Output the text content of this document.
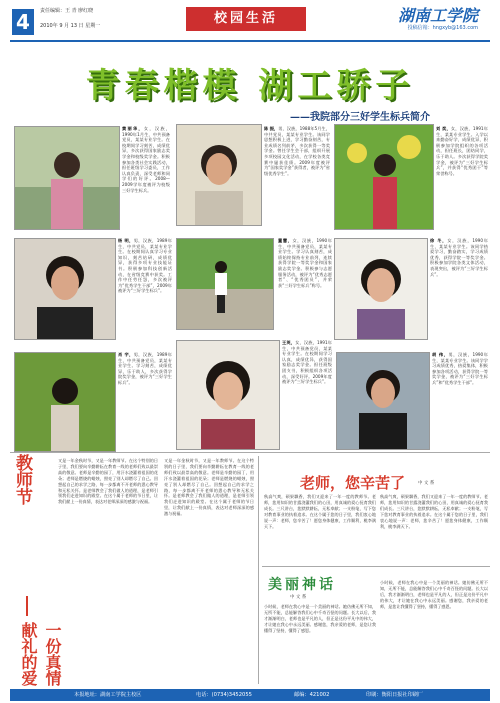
4	责任编辑：王 青 廖红晓
2010年 9 月 13 日 星期一	校园生活	湖南工学院
投稿信箱：hngxyb@163.com
青春楷模 湖工骄子
——我院部分三好学生标兵简介
黄丽华，女，汉族，1990年1月生，中共预备党员，某某专业学生。在校期间学习刻苦，成绩优异，多次获得国家励志奖学金和校级奖学金。积极参加各类社会实践活动，担任班级学习委员，工作认真负责，深受老师和同学们的好评。2008—2009学年度被评为校级三好学生标兵。
陈 振，男，汉族，1988年5月生，中共党员，某某专业学生。该同学思想积极上进，学习勤奋刻苦，专业成绩名列前茅，多次获得一等奖学金。曾任学生会干部，组织开展多项校园文化活动，在学校各类竞赛中屡获佳绩。2009年度被评为“国家奖学金”获得者，被评为“省级优秀学生”。
刘 奕，女，汉族，1991年生，某某专业学生。入学以来勤奋好学，成绩优异，积极参加学院组织的各项活动，担任班长，团结同学，乐于助人。多次获得学院奖学金，被评为“三好学生标兵”，并获得“优秀团干”等荣誉称号。
杨 明，男，汉族，1989年生，中共党员，某某专业学生。在校期间认真学习专业知识，刻苦钻研，成绩优异，获得多项专业技能证书。积极参加科技创新活动，在省级竞赛中获奖。工作中任劳任怨，多次被评为“优秀学生干部”，2009年被评为“三好学生标兵”。
董慧，女，汉族，1990年生，中共预备党员，某某专业学生。学习认真刻苦，成绩始终保持专业前列，连续获得学院一等奖学金和国家励志奖学金。积极参与志愿服务活动，被评为“优秀志愿者”、“优秀团员”，并荣获“三好学生标兵”称号。
徐 冬，女，汉族，1990年生，某某专业学生。该同学热爱学习，勤奋踏实，学习成绩优秀，获得学院一等奖学金。积极参加学院各类文体活动，表现突出，被评为“三好学生标兵”。
肖 宇，男，汉族，1989年生，中共预备党员，某某专业学生。学习刻苦，成绩优异，乐于助人，多次获得学院奖学金，被评为“三好学生标兵”。
王英，女，汉族，1991年生，中共预备党员，某某专业学生。在校期间学习认真，成绩优异，获得国家励志奖学金。担任班级团支书，积极组织各项活动，深受好评。2009年度被评为“三好学生标兵”。
胡 伟，男，汉族，1990年生，某某专业学生。该同学学习成绩优秀，热爱集体，积极参加各项活动，获得学院一等奖学金，被评为“三好学生标兵”和“优秀学生干部”。
教师节
一份真情献礼的爱
又是一年金秋时节，又是一年教师节。在这个特别的日子里，我们要向辛勤耕耘在教育一线的老师们致以最崇高的敬意。老师是辛勤的园丁，用汗水浇灌着祖国的花朵；老师是燃烧的蜡烛，照亮了别人却燃尽了自己。回想起自己的求学之路，每一步都离不开老师的悉心教导和无私关怀。是老师教会了我们做人的道理，是老师引领我们走进知识的殿堂。在这个属于老师的节日里，让我们献上一份真情，表达对老师深深的感激与祝福。
又是一年金秋时节，又是一年教师节。在这个特别的日子里，我们要向辛勤耕耘在教育一线的老师们致以最崇高的敬意。老师是辛勤的园丁，用汗水浇灌着祖国的花朵；老师是燃烧的蜡烛，照亮了别人却燃尽了自己。回想起自己的求学之路，每一步都离不开老师的悉心教导和无私关怀。是老师教会了我们做人的道理，是老师引领我们走进知识的殿堂。在这个属于老师的节日里，让我们献上一份真情，表达对老师深深的感激与祝福。
老师，您辛苦了	中 文 系
秋高气爽，硕果飘香，我们又迎来了一年一度的教师节。老师，您用知识的甘露浇灌我们的心田，用真诚的爱心抚育我们成长。三尺讲台，您默默耕耘，无私奉献；一支粉笔，写下您对教育事业的执着追求。在这个属于您的日子里，我们衷心地说一声：老师，您辛苦了！愿您身体健康，工作顺利，桃李满天下。
秋高气爽，硕果飘香，我们又迎来了一年一度的教师节。老师，您用知识的甘露浇灌我们的心田，用真诚的爱心抚育我们成长。三尺讲台，您默默耕耘，无私奉献；一支粉笔，写下您对教育事业的执着追求。在这个属于您的日子里，我们衷心地说一声：老师，您辛苦了！愿您身体健康，工作顺利，桃李满天下。
美丽神话
中 文 系
小时候，老师在我心中是一个美丽的神话。她仿佛无所不知，无所不能，总能解答我们心中千奇百怪的问题。长大以后，我才渐渐明白，老师也是平凡的人，但正是这份平凡中的伟大，才让她在我心中永远美丽。感谢您，我亲爱的老师，是您让我懂得了坚持，懂得了感恩。
小时候，老师在我心中是一个美丽的神话。她仿佛无所不知，无所不能，总能解答我们心中千奇百怪的问题。长大以后，我才渐渐明白，老师也是平凡的人，但正是这份平凡中的伟大，才让她在我心中永远美丽。感谢您，我亲爱的老师，是您让我懂得了坚持，懂得了感恩。
本报地址：湖南工学院主校区	电话：(0734)3452055	邮编：421002	印刷：衡阳日报社印刷厂
